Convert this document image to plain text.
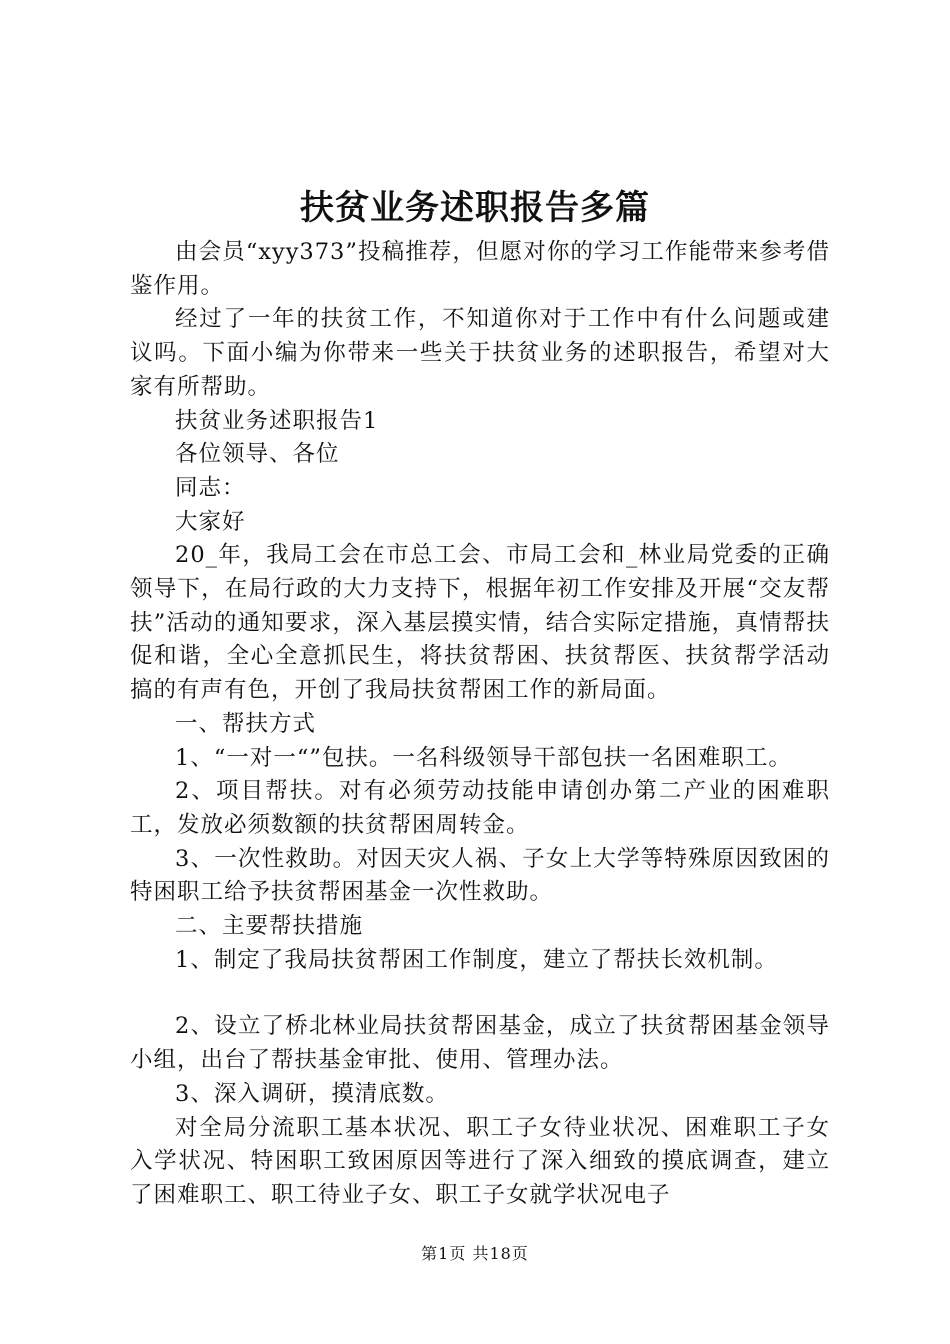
扶贫业务述职报告多篇

由会员“xyy373”投稿推荐，但愿对你的学习工作能带来参考借鉴作用。

经过了一年的扶贫工作，不知道你对于工作中有什么问题或建议吗。下面小编为你带来一些关于扶贫业务的述职报告，希望对大家有所帮助。

扶贫业务述职报告1

各位领导、各位

同志：

大家好

20_年，我局工会在市总工会、市局工会和_林业局党委的正确领导下，在局行政的大力支持下，根据年初工作安排及开展“交友帮扶”活动的通知要求，深入基层摸实情，结合实际定措施，真情帮扶促和谐，全心全意抓民生，将扶贫帮困、扶贫帮医、扶贫帮学活动搞的有声有色，开创了我局扶贫帮困工作的新局面。

一、帮扶方式

1、“一对一“”包扶。一名科级领导干部包扶一名困难职工。

2、项目帮扶。对有必须劳动技能申请创办第二产业的困难职工，发放必须数额的扶贫帮困周转金。

3、一次性救助。对因天灾人祸、子女上大学等特殊原因致困的特困职工给予扶贫帮困基金一次性救助。

二、主要帮扶措施

1、制定了我局扶贫帮困工作制度，建立了帮扶长效机制。

2、设立了桥北林业局扶贫帮困基金，成立了扶贫帮困基金领导小组，出台了帮扶基金审批、使用、管理办法。

3、深入调研，摸清底数。

对全局分流职工基本状况、职工子女待业状况、困难职工子女入学状况、特困职工致困原因等进行了深入细致的摸底调查，建立了困难职工、职工待业子女、职工子女就学状况电子

第1页 共18页
